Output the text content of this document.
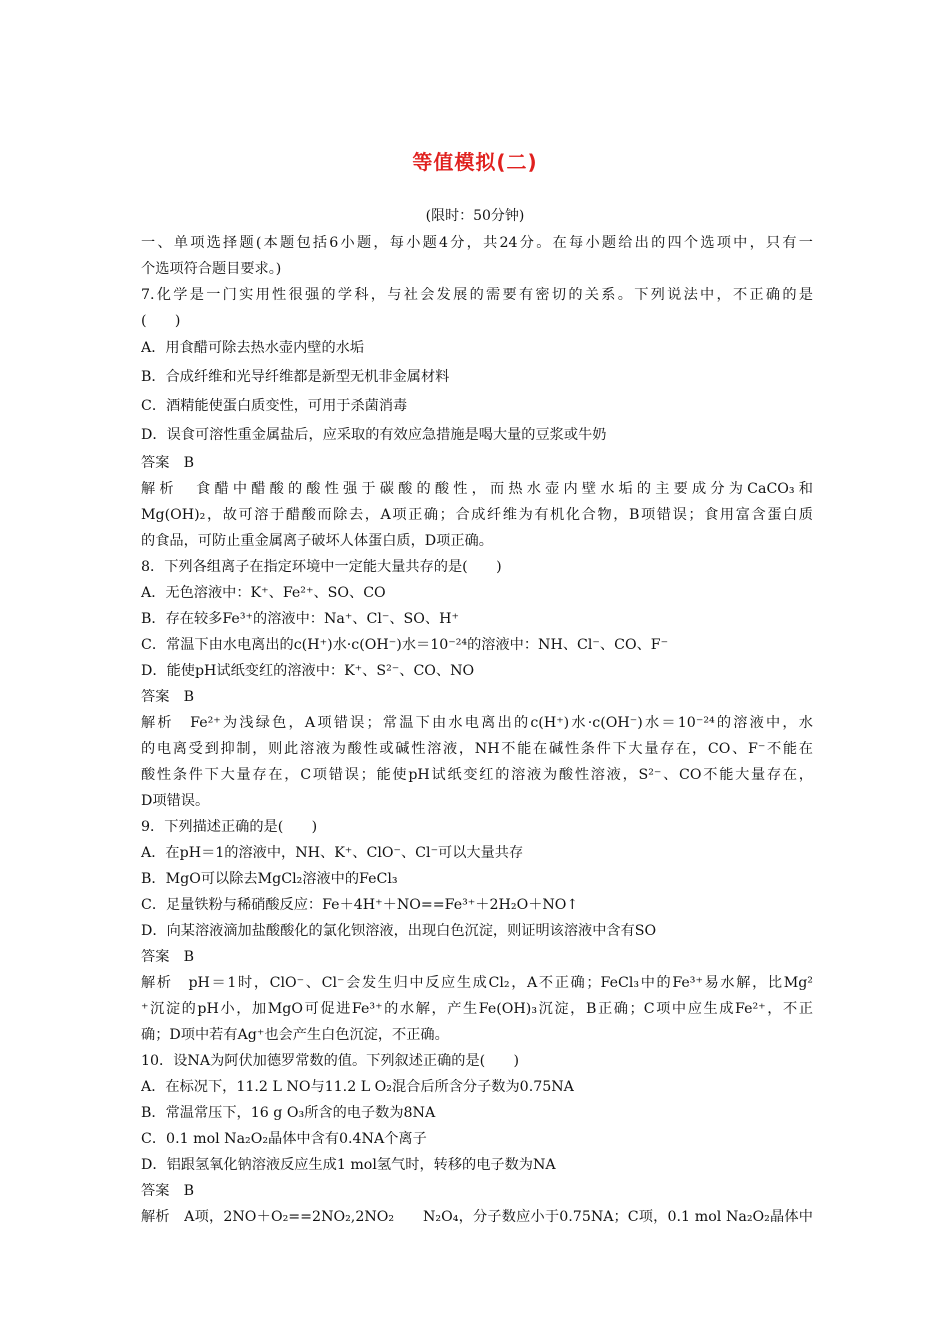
等值模拟(二)
(限时：50分钟)
一、单项选择题(本题包括6小题，每小题4分，共24分。在每小题给出的四个选项中，只有一
个选项符合题目要求。)
7.化学是一门实用性很强的学科，与社会发展的需要有密切的关系。下列说法中，不正确的是
(　　)
A．用食醋可除去热水壶内壁的水垢
B．合成纤维和光导纤维都是新型无机非金属材料
C．酒精能使蛋白质变性，可用于杀菌消毒
D．误食可溶性重金属盐后，应采取的有效应急措施是喝大量的豆浆或牛奶
答案　B
解析　食醋中醋酸的酸性强于碳酸的酸性，而热水壶内壁水垢的主要成分为CaCO₃和
Mg(OH)₂，故可溶于醋酸而除去，A项正确；合成纤维为有机化合物，B项错误；食用富含蛋白质
的食品，可防止重金属离子破坏人体蛋白质，D项正确。
8．下列各组离子在指定环境中一定能大量共存的是(　　)
A．无色溶液中：K⁺、Fe²⁺、SO、CO
B．存在较多Fe³⁺的溶液中：Na⁺、Cl⁻、SO、H⁺
C．常温下由水电离出的c(H⁺)水·c(OH⁻)水＝10⁻²⁴的溶液中：NH、Cl⁻、CO、F⁻
D．能使pH试纸变红的溶液中：K⁺、S²⁻、CO、NO
答案　B
解析　Fe²⁺为浅绿色，A项错误；常温下由水电离出的c(H⁺)水·c(OH⁻)水＝10⁻²⁴的溶液中，水
的电离受到抑制，则此溶液为酸性或碱性溶液，NH不能在碱性条件下大量存在，CO、F⁻不能在
酸性条件下大量存在，C项错误；能使pH试纸变红的溶液为酸性溶液，S²⁻、CO不能大量存在，
D项错误。
9．下列描述正确的是(　　)
A．在pH＝1的溶液中，NH、K⁺、ClO⁻、Cl⁻可以大量共存
B．MgO可以除去MgCl₂溶液中的FeCl₃
C．足量铁粉与稀硝酸反应：Fe＋4H⁺＋NO==Fe³⁺＋2H₂O＋NO↑
D．向某溶液滴加盐酸酸化的氯化钡溶液，出现白色沉淀，则证明该溶液中含有SO
答案　B
解析　pH＝1时，ClO⁻、Cl⁻会发生归中反应生成Cl₂，A不正确；FeCl₃中的Fe³⁺易水解，比Mg²
⁺沉淀的pH小，加MgO可促进Fe³⁺的水解，产生Fe(OH)₃沉淀，B正确；C项中应生成Fe²⁺，不正
确；D项中若有Ag⁺也会产生白色沉淀，不正确。
10．设NA为阿伏加德罗常数的值。下列叙述正确的是(　　)
A．在标况下，11.2 L NO与11.2 L O₂混合后所含分子数为0.75NA
B．常温常压下，16 g O₃所含的电子数为8NA
C．0.1 mol Na₂O₂晶体中含有0.4NA个离子
D．铝跟氢氧化钠溶液反应生成1 mol氢气时，转移的电子数为NA
答案　B
解析　A项，2NO＋O₂==2NO₂,2NO₂　　N₂O₄，分子数应小于0.75NA；C项，0.1 mol Na₂O₂晶体中
